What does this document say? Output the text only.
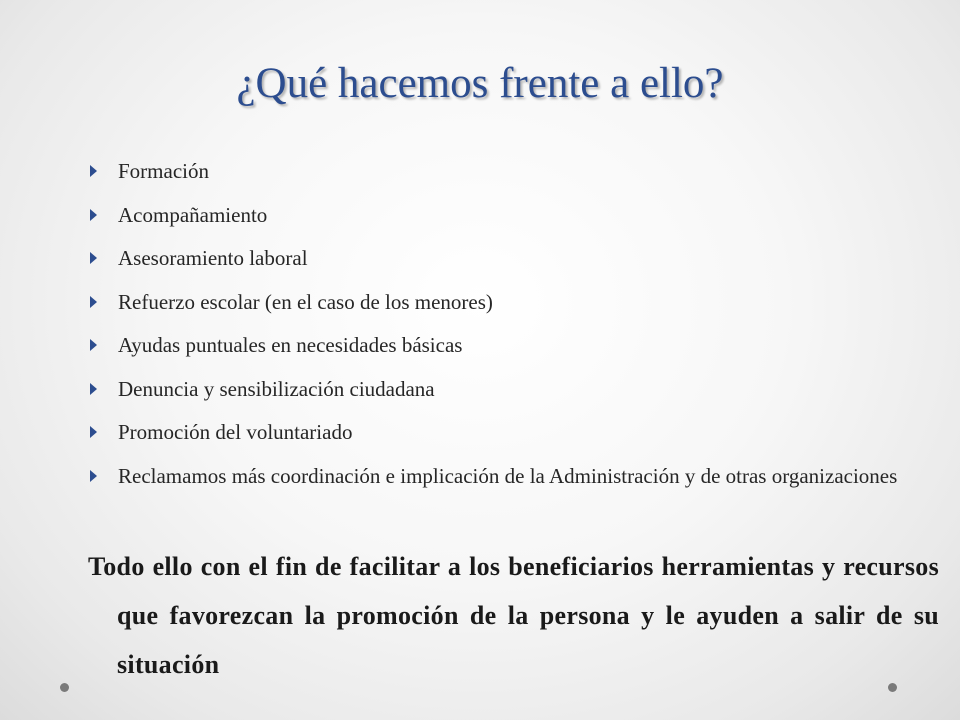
¿Qué hacemos frente a ello?
Formación
Acompañamiento
Asesoramiento laboral
Refuerzo escolar (en el caso de los menores)
Ayudas puntuales en necesidades básicas
Denuncia y sensibilización ciudadana
Promoción del voluntariado
Reclamamos más coordinación e implicación de la Administración y de otras organizaciones

Todo ello con el fin de facilitar a los beneficiarios herramientas y recursos que favorezcan la promoción de la persona y le ayuden a salir de su situación
